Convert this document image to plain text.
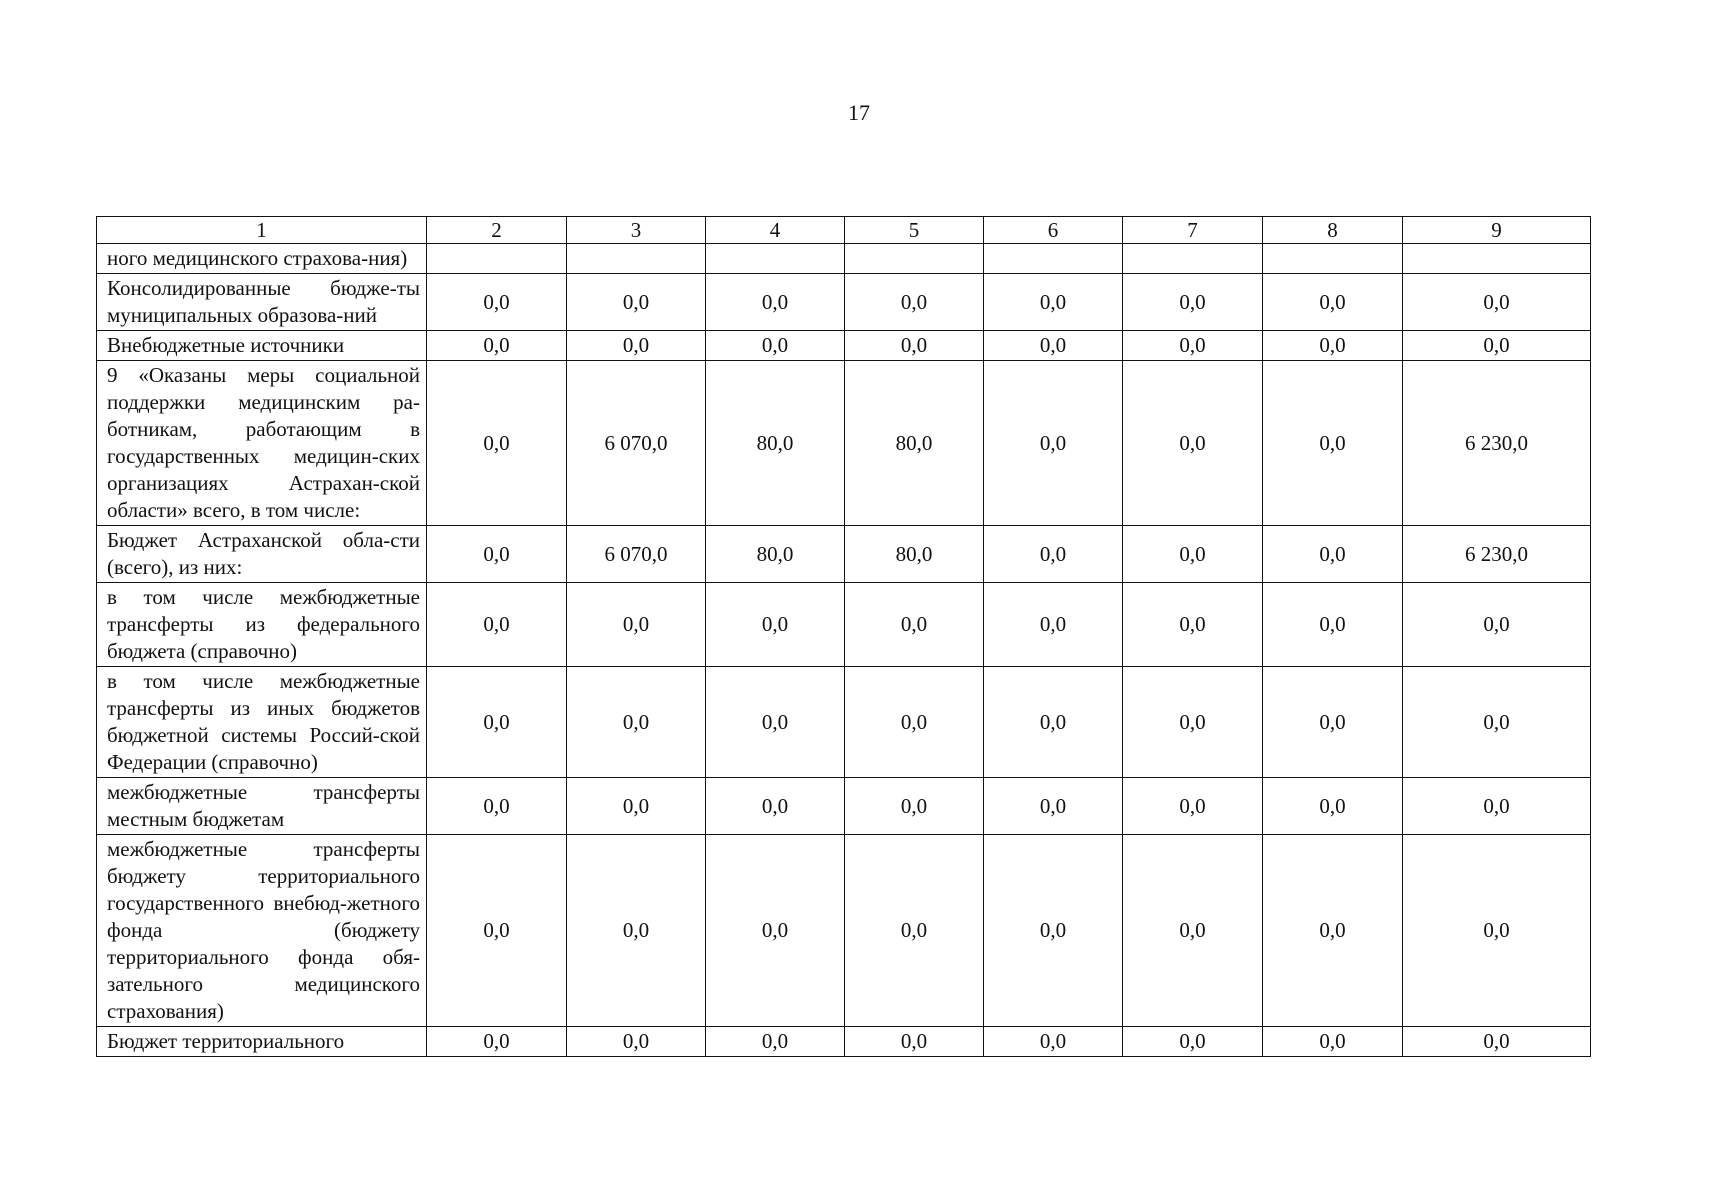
17
1	2	3	4	5	6	7	8	9
ного медицинского страхова-ния)								
Консолидированные бюдже-ты муниципальных образова-ний	0,0	0,0	0,0	0,0	0,0	0,0	0,0	0,0
Внебюджетные источники	0,0	0,0	0,0	0,0	0,0	0,0	0,0	0,0
9 «Оказаны меры социальной поддержки медицинским ра-ботникам, работающим в государственных медицин-ских организациях Астрахан-ской области» всего, в том числе:	0,0	6 070,0	80,0	80,0	0,0	0,0	0,0	6 230,0
Бюджет Астраханской обла-сти (всего), из них:	0,0	6 070,0	80,0	80,0	0,0	0,0	0,0	6 230,0
в том числе межбюджетные трансферты из федерального бюджета (справочно)	0,0	0,0	0,0	0,0	0,0	0,0	0,0	0,0
в том числе межбюджетные трансферты из иных бюджетов бюджетной системы Россий-ской Федерации (справочно)	0,0	0,0	0,0	0,0	0,0	0,0	0,0	0,0
межбюджетные трансферты местным бюджетам	0,0	0,0	0,0	0,0	0,0	0,0	0,0	0,0
межбюджетные трансферты бюджету территориального государственного внебюд-жетного фонда (бюджету территориального фонда обя-зательного медицинского страхования)	0,0	0,0	0,0	0,0	0,0	0,0	0,0	0,0
Бюджет территориального	0,0	0,0	0,0	0,0	0,0	0,0	0,0	0,0
